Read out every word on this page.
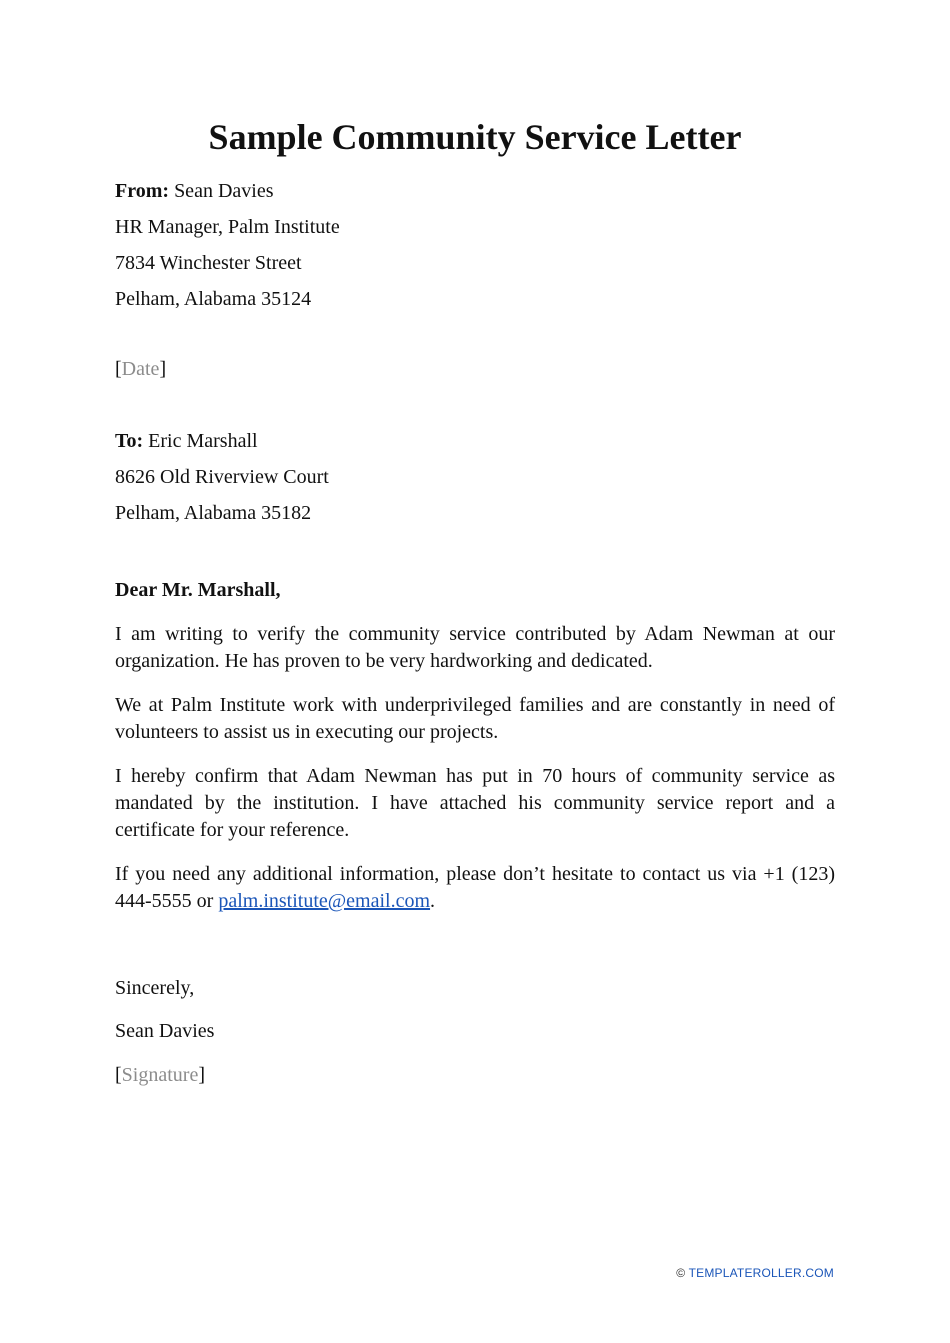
Sample Community Service Letter
From: Sean Davies
HR Manager, Palm Institute
7834 Winchester Street
Pelham, Alabama 35124
[Date]
To: Eric Marshall
8626 Old Riverview Court
Pelham, Alabama 35182
Dear Mr. Marshall,

I am writing to verify the community service contributed by Adam Newman at our organization. He has proven to be very hardworking and dedicated.

We at Palm Institute work with underprivileged families and are constantly in need of volunteers to assist us in executing our projects.

I hereby confirm that Adam Newman has put in 70 hours of community service as mandated by the institution. I have attached his community service report and a certificate for your reference.

If you need any additional information, please don’t hesitate to contact us via +1 (123) 444-5555 or palm.institute@email.com.

Sincerely,
Sean Davies
[Signature]
© TEMPLATEROLLER.COM
